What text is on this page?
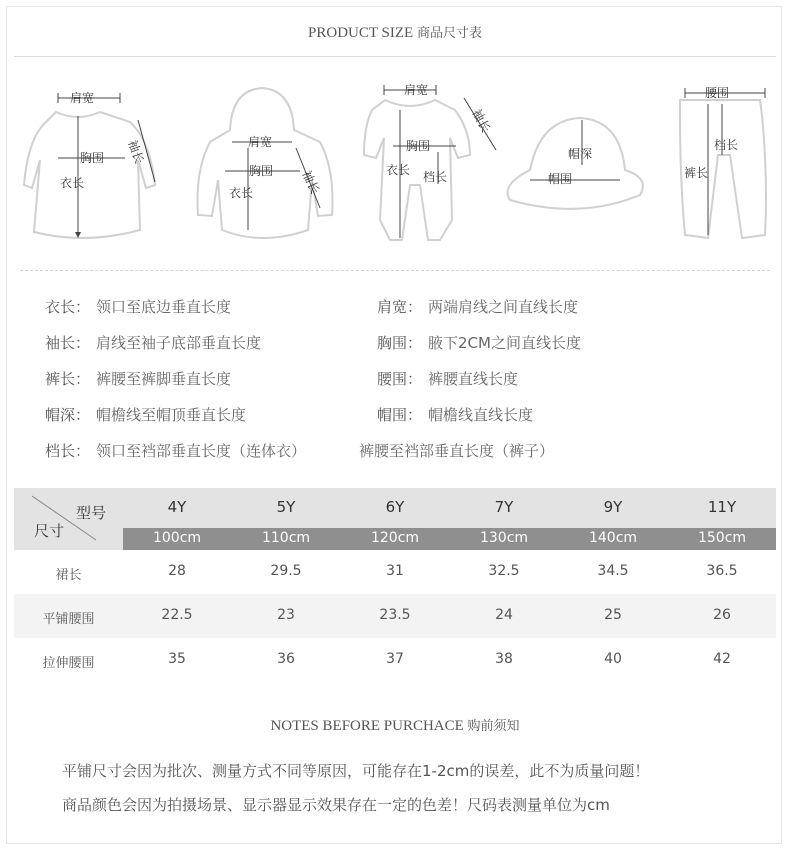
PRODUCT SIZE 商品尺寸表
肩宽
胸围
衣长
袖长	肩宽
胸围
衣长	袖长
肩宽
胸围
衣长 档长
袖长
帽深
帽围
腰围
档长
裤长
衣长： 领口至底边垂直长度	肩宽： 两端肩线之间直线长度
袖长： 肩线至袖子底部垂直长度	胸围： 腋下2CM之间直线长度
裤长： 裤腰至裤脚垂直长度	腰围： 裤腰直线长度
帽深： 帽檐线至帽顶垂直长度	帽围： 帽檐线直线长度
档长： 领口至裆部垂直长度（连体衣）	裤腰至裆部垂直长度（裤子）
型号
尺寸
4Y	5Y	6Y	7Y	9Y	11Y
100cm	110cm	120cm	130cm	140cm	150cm
裙长	28	29.5	31	32.5	34.5	36.5
平铺腰围	22.5	23	23.5	24	25	26
拉伸腰围	35	36	37	38	40	42
NOTES BEFORE PURCHACE 购前须知
平铺尺寸会因为批次、测量方式不同等原因，可能存在1-2cm的误差，此不为质量问题！
商品颜色会因为拍摄场景、显示器显示效果存在一定的色差！尺码表测量单位为cm
